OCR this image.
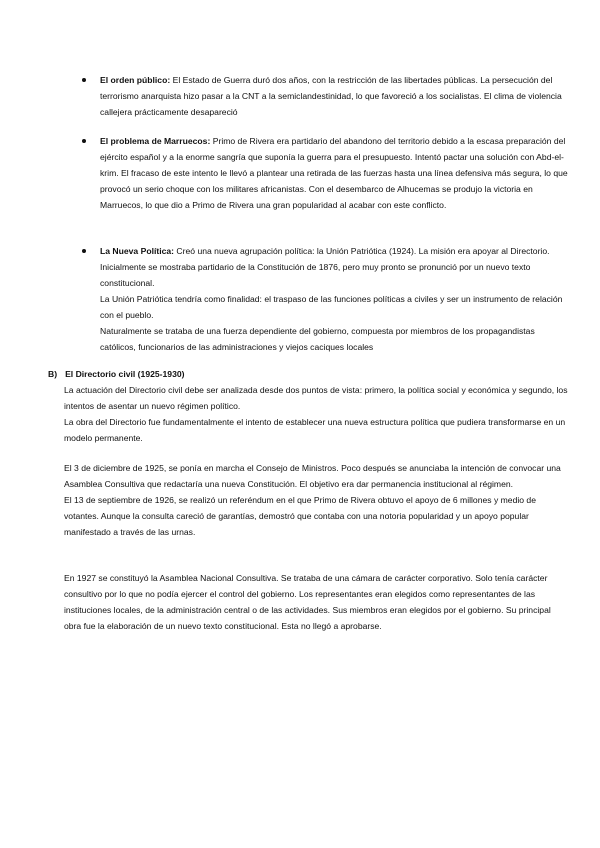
El orden público: El Estado de Guerra duró dos años, con la restricción de las libertades públicas. La persecución del terrorismo anarquista hizo pasar a la CNT a la semiclandestinidad, lo que favoreció a los socialistas. El clima de violencia callejera prácticamente desapareció

El problema de Marruecos: Primo de Rivera era partidario del abandono del territorio debido a la escasa preparación del ejército español y a la enorme sangría que suponía la guerra para el presupuesto. Intentó pactar una solución con Abd-el-krim. El fracaso de este intento le llevó a plantear una retirada de las fuerzas hasta una línea defensiva más segura, lo que provocó un serio choque con los militares africanistas. Con el desembarco de Alhucemas se produjo la victoria en Marruecos, lo que dio a Primo de Rivera una gran popularidad al acabar con este conflicto.

La Nueva Política: Creó una nueva agrupación política: la Unión Patriótica (1924). La misión era apoyar al Directorio. Inicialmente se mostraba partidario de la Constitución de 1876, pero muy pronto se pronunció por un nuevo texto constitucional.

La Unión Patriótica tendría como finalidad: el traspaso de las funciones políticas a civiles y ser un instrumento de relación con el pueblo.

Naturalmente se trataba de una fuerza dependiente del gobierno, compuesta por miembros de los propagandistas católicos, funcionarios de las administraciones y viejos caciques locales

B) El Directorio civil (1925-1930)

La actuación del Directorio civil debe ser analizada desde dos puntos de vista: primero, la política social y económica y segundo, los intentos de asentar un nuevo régimen político.

La obra del Directorio fue fundamentalmente el intento de establecer una nueva estructura política que pudiera transformarse en un modelo permanente.

El 3 de diciembre de 1925, se ponía en marcha el Consejo de Ministros. Poco después se anunciaba la intención de convocar una Asamblea Consultiva que redactaría una nueva Constitución. El objetivo era dar permanencia institucional al régimen.

El 13 de septiembre de 1926, se realizó un referéndum en el que Primo de Rivera obtuvo el apoyo de 6 millones y medio de votantes. Aunque la consulta careció de garantías, demostró que contaba con una notoria popularidad y un apoyo popular manifestado a través de las urnas.

En 1927 se constituyó la Asamblea Nacional Consultiva. Se trataba de una cámara de carácter corporativo. Solo tenía carácter consultivo por lo que no podía ejercer el control del gobierno. Los representantes eran elegidos como representantes de las instituciones locales, de la administración central o de las actividades. Sus miembros eran elegidos por el gobierno. Su principal obra fue la elaboración de un nuevo texto constitucional. Esta no llegó a aprobarse.
